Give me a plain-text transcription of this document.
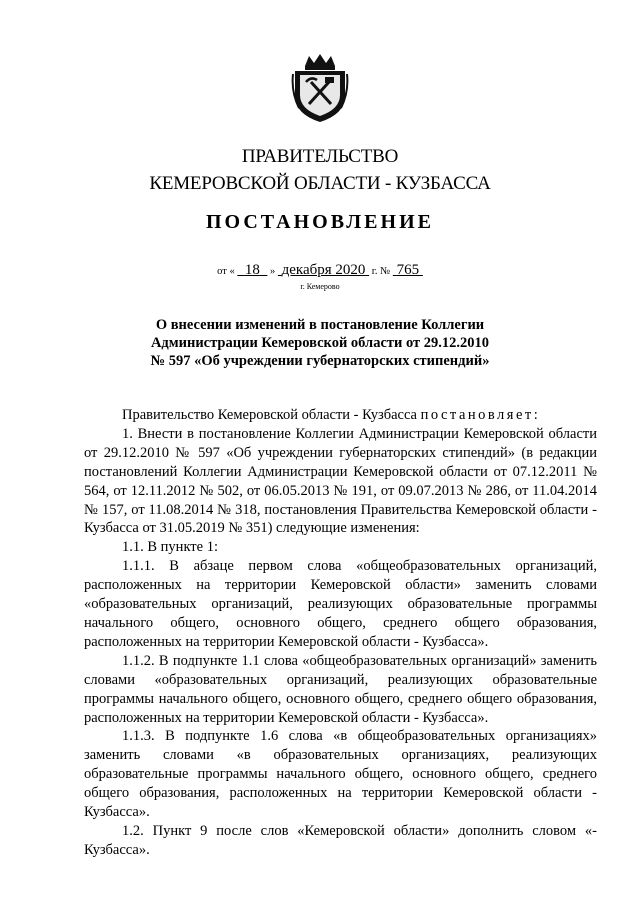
ПРАВИТЕЛЬСТВО
КЕМЕРОВСКОЙ ОБЛАСТИ - КУЗБАССА
ПОСТАНОВЛЕНИЕ
от « 18 » декабря 2020 г. № 765
г. Кемерово
О внесении изменений в постановление Коллегии
Администрации Кемеровской области от 29.12.2010
№ 597 «Об учреждении губернаторских стипендий»

Правительство Кемеровской области - Кузбасса постановляет:

1. Внести в постановление Коллегии Администрации Кемеровской области от 29.12.2010 № 597 «Об учреждении губернаторских стипендий» (в редакции постановлений Коллегии Администрации Кемеровской области от 07.12.2011 № 564, от 12.11.2012 № 502, от 06.05.2013 № 191, от 09.07.2013 № 286, от 11.04.2014 № 157, от 11.08.2014 № 318, постановления Правительства Кемеровской области - Кузбасса от 31.05.2019 № 351) следующие изменения:

1.1. В пункте 1:

1.1.1. В абзаце первом слова «общеобразовательных организаций, расположенных на территории Кемеровской области» заменить словами «образовательных организаций, реализующих образовательные программы начального общего, основного общего, среднего общего образования, расположенных на территории Кемеровской области - Кузбасса».

1.1.2. В подпункте 1.1 слова «общеобразовательных организаций» заменить словами «образовательных организаций, реализующих образовательные программы начального общего, основного общего, среднего общего образования, расположенных на территории Кемеровской области - Кузбасса».

1.1.3. В подпункте 1.6 слова «в общеобразовательных организациях» заменить словами «в образовательных организациях, реализующих образовательные программы начального общего, основного общего, среднего общего образования, расположенных на территории Кемеровской области - Кузбасса».

1.2. Пункт 9 после слов «Кемеровской области» дополнить словом «- Кузбасса».
